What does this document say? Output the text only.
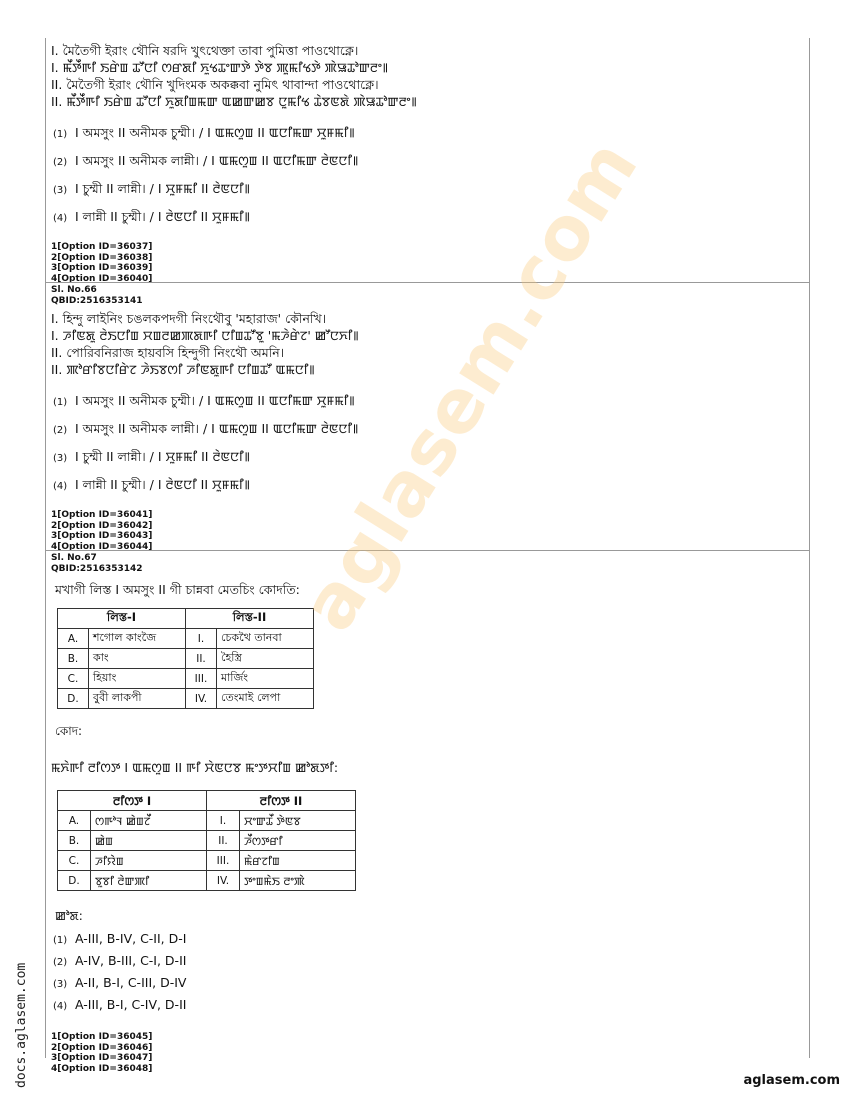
I. মৈতৈগী ইরাং থৌনি ষরদি খুৎথেক্তা তাবা পুমিত্তা পাওথোক্নে।
I. ꯃꯩꯇꯩꯒꯤ ꯏꯔꯥꯡ ꯊꯧꯅꯤ ꯁꯔꯗꯤ ꯈꯨꯠꯊꯦꯛꯇꯥ ꯇꯥꯕ ꯄꯨꯃꯤꯠꯇꯥ ꯄꯥꯎꯊꯣꯛꯂꯦ꯫
II. মৈতৈগী ইরাং থৌনি খুদিংমক অকক্কবা নুমিৎ থাবান্দা পাওথোক্নে।
II. ꯃꯩꯇꯩꯒꯤ ꯏꯔꯥꯡ ꯊꯧꯅꯤ ꯈꯨꯗꯤꯡꯃꯛ ꯑꯀꯛꯀꯕ ꯅꯨꯃꯤꯠ ꯊꯥꯕꯟꯗꯥ ꯄꯥꯎꯊꯣꯛꯂꯦ꯫
(1) I অমসুং II অনীমক চুম্মী। / I ꯑꯃꯁꯨꯡ II ꯑꯅꯤꯃꯛ ꯆꯨꯝꯃꯤ꯫
(2) I অমসুং II অনীমক লান্নী। / I ꯑꯃꯁꯨꯡ II ꯑꯅꯤꯃꯛ ꯂꯥꯟꯅꯤ꯫
(3) I চুম্মী II লান্নী। / I ꯆꯨꯝꯃꯤ II ꯂꯥꯟꯅꯤ꯫
(4) I লান্নী II চুম্মী। / I ꯂꯥꯟꯅꯤ II ꯆꯨꯝꯃꯤ꯫
1[Option ID=36037]
2[Option ID=36038]
3[Option ID=36039]
4[Option ID=36040]
Sl. No.66
QBID:2516353141
I. হিন্দু লাইনিং চঙলকপদগী নিংথৌবু 'মহারাজ' কৌনখি।
I. ꯍꯤꯟꯗꯨ ꯂꯥꯏꯅꯤꯡ ꯆꯡꯂꯀꯄꯗꯒꯤ ꯅꯤꯡꯊꯧꯕꯨ 'ꯃꯍꯥꯔꯥꯖ' ꯀꯧꯅꯈꯤ꯫
II. পোরিবনিরাজ হায়বসি হিন্দুগী নিংথৌ অমনি।
II. ꯄꯣꯔꯤꯕꯅꯤꯔꯥꯖ ꯍꯥꯏꯕꯁꯤ ꯍꯤꯟꯗꯨꯒꯤ ꯅꯤꯡꯊꯧ ꯑꯃꯅꯤ꯫
(1) I অমসুং II অনীমক চুম্মী। / I ꯑꯃꯁꯨꯡ II ꯑꯅꯤꯃꯛ ꯆꯨꯝꯃꯤ꯫
(2) I অমসুং II অনীমক লান্নী। / I ꯑꯃꯁꯨꯡ II ꯑꯅꯤꯃꯛ ꯂꯥꯟꯅꯤ꯫
(3) I চুম্মী II লান্নী। / I ꯆꯨꯝꯃꯤ II ꯂꯥꯟꯅꯤ꯫
(4) I লান্নী II চুম্মী। / I ꯂꯥꯟꯅꯤ II ꯆꯨꯝꯃꯤ꯫
1[Option ID=36041]
2[Option ID=36042]
3[Option ID=36043]
4[Option ID=36044]
Sl. No.67
QBID:2516353142
মখাগী লিস্ত I অমসুং II গী চান্নবা মেতচিং কোদতি:
লিস্ত-I		লিস্ত-II	
A.	শগোল কাংজৈ	I.	চেকথৈ তানবা
B.	কাং	II.	হৈস্ত্রি
C.	হিয়াং	III.	মার্জিং
D.	বুবী লাকপী	IV.	তেংমাই লেপা
কোদ:
ꯃꯈꯥꯒꯤ ꯂꯤꯁꯇ I ꯑꯃꯁꯨꯡ II ꯒꯤ ꯆꯥꯟꯅꯕ ꯃꯦꯇꯆꯤꯡ ꯀꯣꯗꯇꯤ:
ꯂꯤꯁꯇ I		ꯂꯤꯁꯇ II	
A.	ꯁꯒꯣꯜ ꯀꯥꯡꯖꯩ	I.	ꯆꯦꯛꯊꯩ ꯇꯥꯟꯕ
B.	ꯀꯥꯡ	II.	ꯍꯩꯁꯇꯔꯤ
C.	ꯍꯤꯌꯥꯡ	III.	ꯃꯥꯔꯖꯤꯡ
D.	ꯕꯨꯕꯤ ꯂꯥꯛꯄꯤ	IV.	ꯇꯦꯡꯃꯥꯏ ꯂꯦꯄꯥ
ꯀꯣꯗ:
(1) A-III, B-IV, C-II, D-I
(2) A-IV, B-III, C-I, D-II
(3) A-II, B-I, C-III, D-IV
(4) A-III, B-I, C-IV, D-II
1[Option ID=36045]
2[Option ID=36046]
3[Option ID=36047]
4[Option ID=36048]
aglasem.com
docs.aglasem.com	aglasem.com
